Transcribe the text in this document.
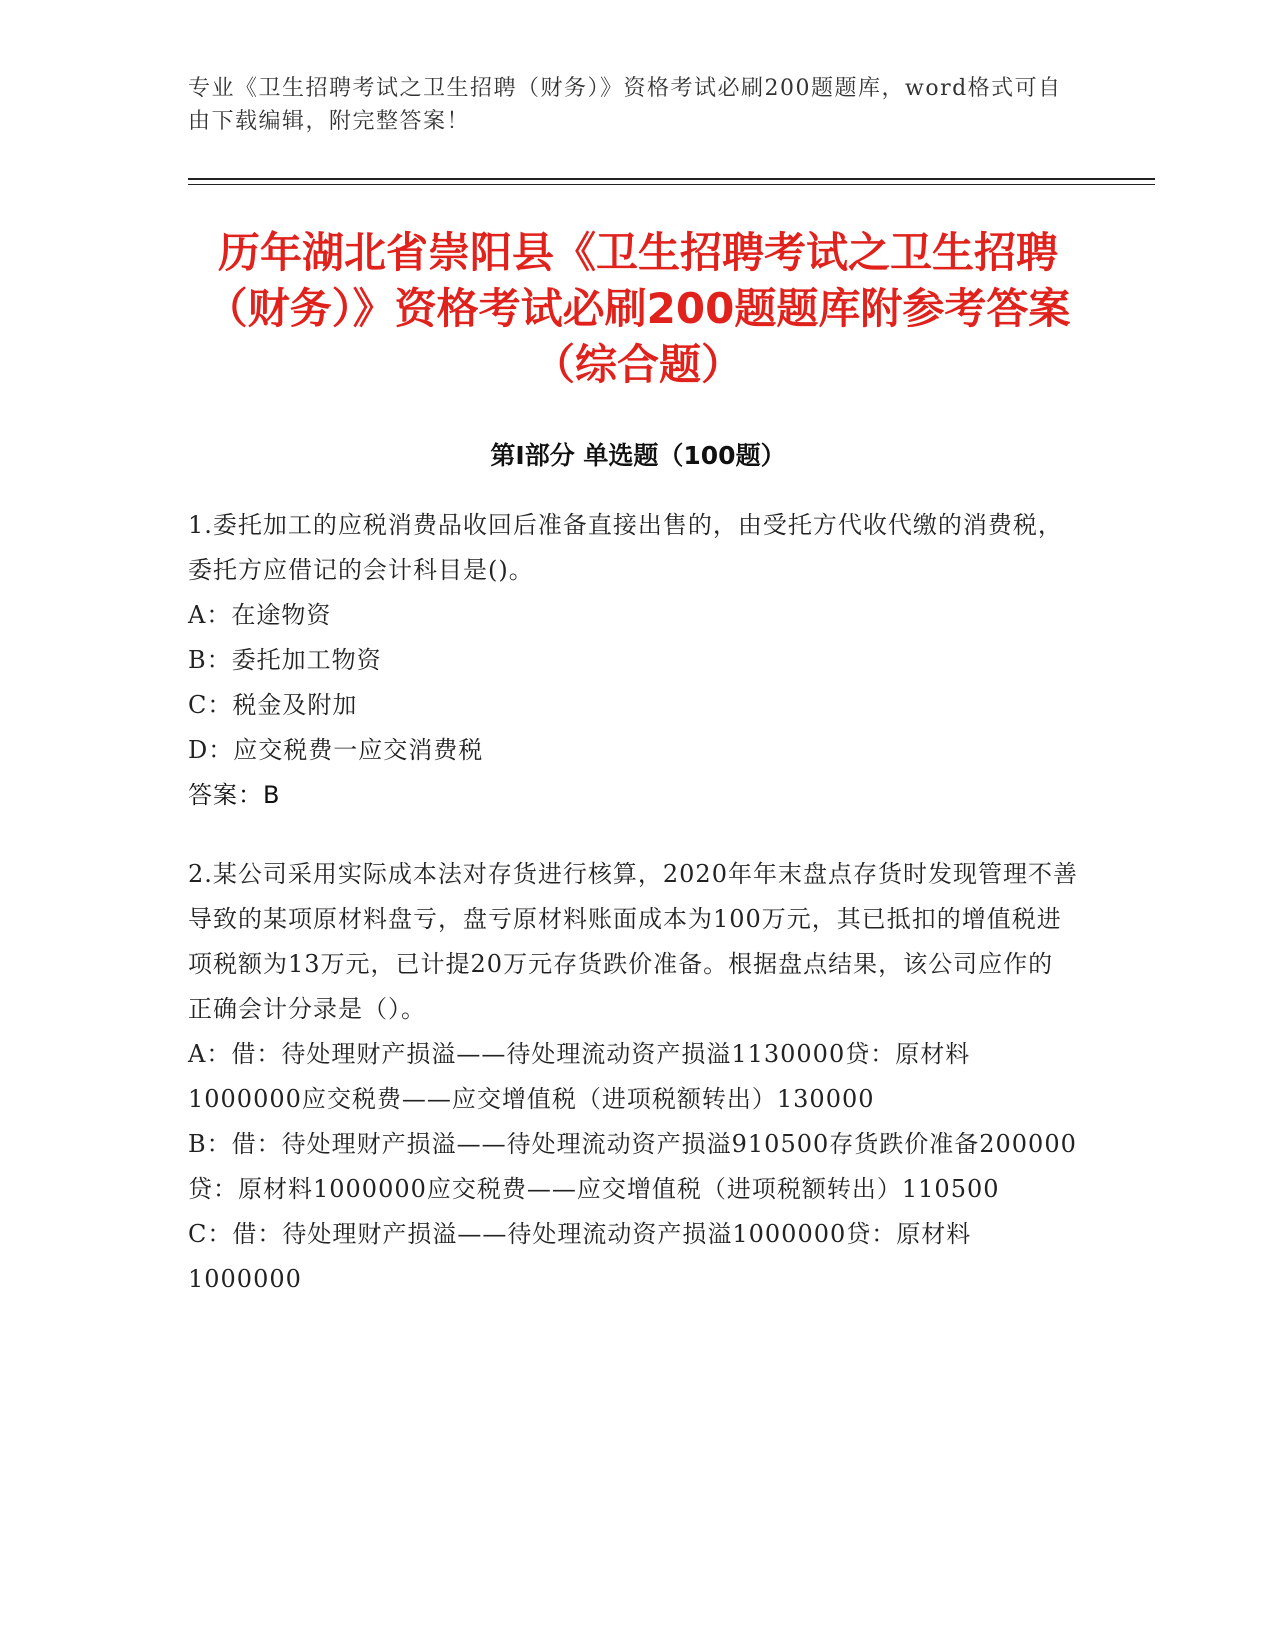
专业《卫生招聘考试之卫生招聘（财务）》资格考试必刷200题题库，word格式可自由下载编辑，附完整答案！
历年湖北省崇阳县《卫生招聘考试之卫生招聘（财务）》资格考试必刷200题题库附参考答案（综合题）
第Ⅰ部分 单选题（100题）

1.委托加工的应税消费品收回后准备直接出售的，由受托方代收代缴的消费税，委托方应借记的会计科目是()。

A：在途物资

B：委托加工物资

C：税金及附加

D：应交税费一应交消费税

答案：B

2.某公司采用实际成本法对存货进行核算，2020年年末盘点存货时发现管理不善导致的某项原材料盘亏，盘亏原材料账面成本为100万元，其已抵扣的增值税进项税额为13万元，已计提20万元存货跌价准备。根据盘点结果，该公司应作的正确会计分录是（）。

A：借：待处理财产损溢——待处理流动资产损溢1130000贷：原材料1000000应交税费——应交增值税（进项税额转出）130000

B：借：待处理财产损溢——待处理流动资产损溢910500存货跌价准备200000贷：原材料1000000应交税费——应交增值税（进项税额转出）110500

C：借：待处理财产损溢——待处理流动资产损溢1000000贷：原材料1000000
